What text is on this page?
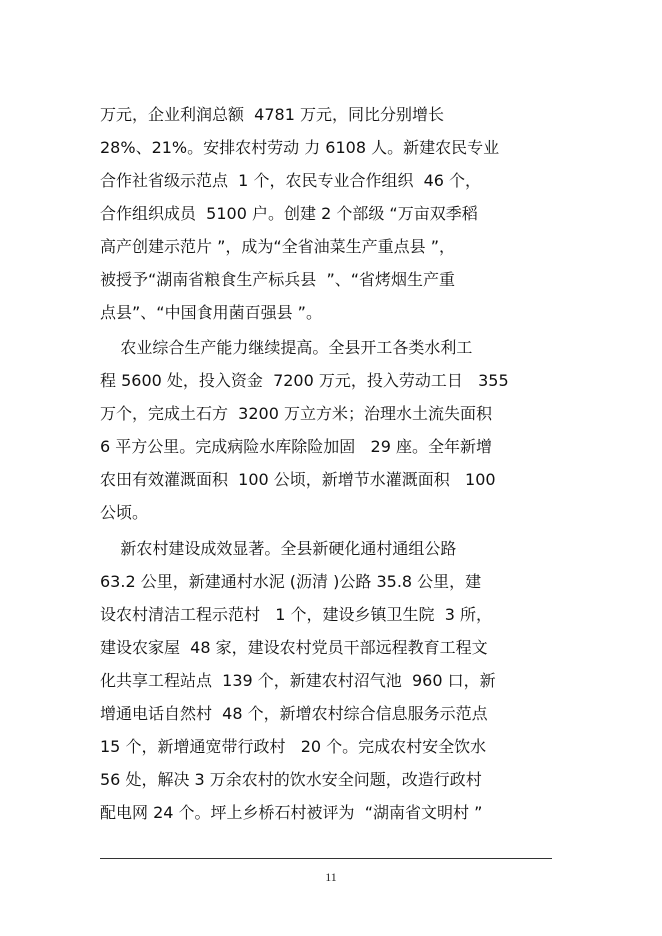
万元，企业利润总额  4781 万元，同比分别增长
28%、21%。安排农村劳动 力 6108 人。新建农民专业
合作社省级示范点  1 个，农民专业合作组织  46 个，
合作组织成员  5100 户。创建 2 个部级 “万亩双季稻
高产创建示范片 ”，成为“全省油菜生产重点县 ”，
被授予“湖南省粮食生产标兵县  ”、“省烤烟生产重
点县”、“中国食用菌百强县 ”。
农业综合生产能力继续提高。全县开工各类水利工
程 5600 处，投入资金  7200 万元，投入劳动工日   355
万个，完成土石方  3200 万立方米；治理水土流失面积
6 平方公里。完成病险水库除险加固   29 座。全年新增
农田有效灌溉面积  100 公顷，新增节水灌溉面积   100
公顷。
新农村建设成效显著。全县新硬化通村通组公路
63.2 公里，新建通村水泥 (沥清 )公路 35.8 公里，建
设农村清洁工程示范村   1 个，建设乡镇卫生院  3 所，
建设农家屋  48 家，建设农村党员干部远程教育工程文
化共享工程站点  139 个，新建农村沼气池  960 口，新
增通电话自然村  48 个，新增农村综合信息服务示范点
15 个，新增通宽带行政村   20 个。完成农村安全饮水
56 处，解决 3 万余农村的饮水安全问题，改造行政村
配电网 24 个。坪上乡桥石村被评为  “湖南省文明村 ”
11
